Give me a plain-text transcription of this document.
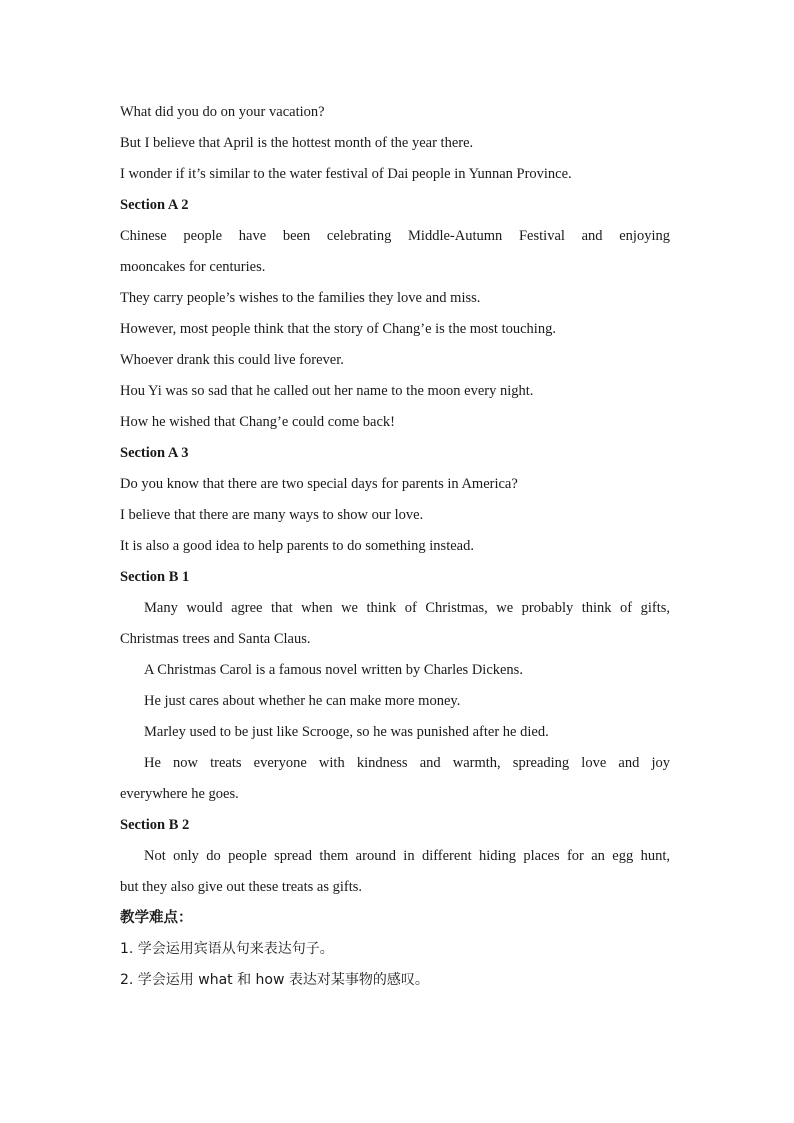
What did you do on your vacation?
But I believe that April is the hottest month of the year there.
I wonder if it’s similar to the water festival of Dai people in Yunnan Province.
Section A 2
Chinese people have been celebrating Middle-Autumn Festival and enjoying
mooncakes for centuries.
They carry people’s wishes to the families they love and miss.
However, most people think that the story of Chang’e is the most touching.
Whoever drank this could live forever.
Hou Yi was so sad that he called out her name to the moon every night.
How he wished that Chang’e could come back!
Section A 3
Do you know that there are two special days for parents in America?
I believe that there are many ways to show our love.
It is also a good idea to help parents to do something instead.
Section B 1
Many would agree that when we think of Christmas, we probably think of gifts,
Christmas trees and Santa Claus.
A Christmas Carol is a famous novel written by Charles Dickens.
He just cares about whether he can make more money.
Marley used to be just like Scrooge, so he was punished after he died.
He now treats everyone with kindness and warmth, spreading love and joy
everywhere he goes.
Section B 2
Not only do people spread them around in different hiding places for an egg hunt,
but they also give out these treats as gifts.
教学难点：
1. 学会运用宾语从句来表达句子。
2. 学会运用 what 和 how 表达对某事物的感叹。
